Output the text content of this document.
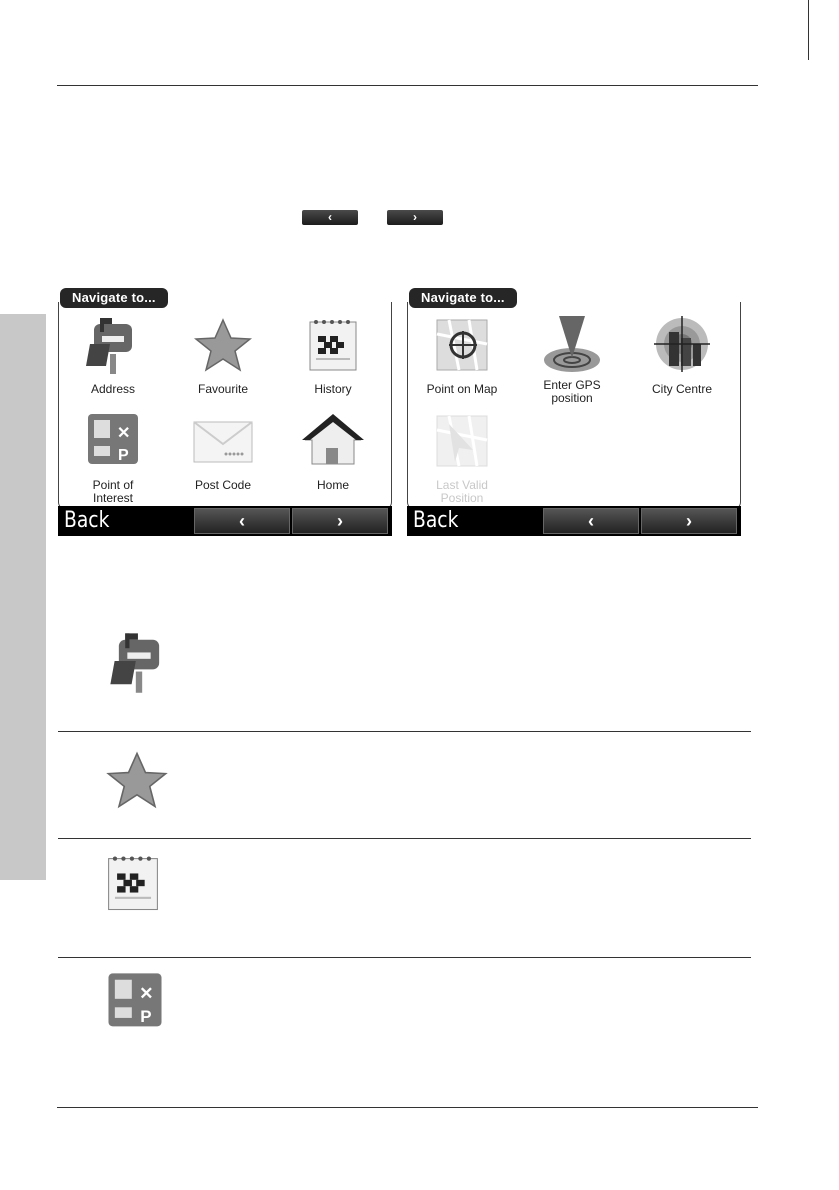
‹	›
Navigate to...
Address	Favourite	History
✕
P
Point of Interest
Post Code	Home
Back	‹	›
Navigate to...
Point on Map	Enter GPS position
City Centre
Last Valid Position
Back	‹	›
✕
P
